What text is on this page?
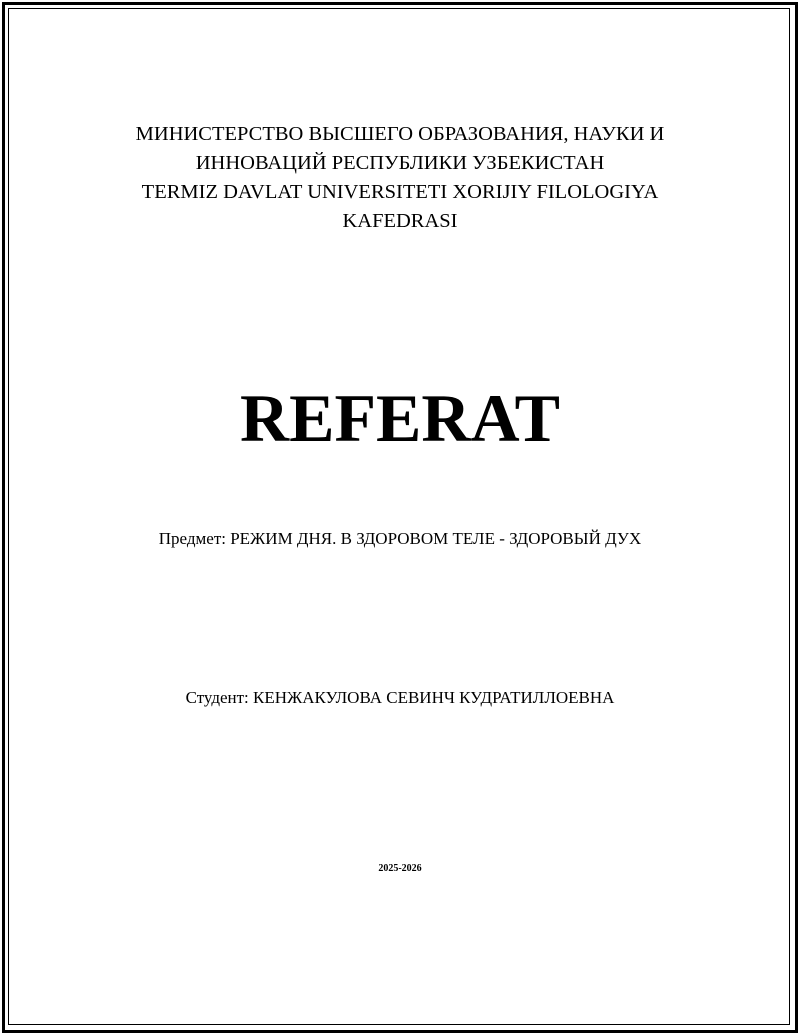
МИНИСТЕРСТВО ВЫСШЕГО ОБРАЗОВАНИЯ, НАУКИ И
ИННОВАЦИЙ РЕСПУБЛИКИ УЗБЕКИСТАН
TERMIZ DAVLAT UNIVERSITETI XORIJIY FILOLOGIYA
KAFEDRASI
REFERAT
Предмет: РЕЖИМ ДНЯ. В ЗДОРОВОМ ТЕЛЕ - ЗДОРОВЫЙ ДУХ
Студент: КЕНЖАКУЛОВА СЕВИНЧ КУДРАТИЛЛОЕВНА
2025-2026
